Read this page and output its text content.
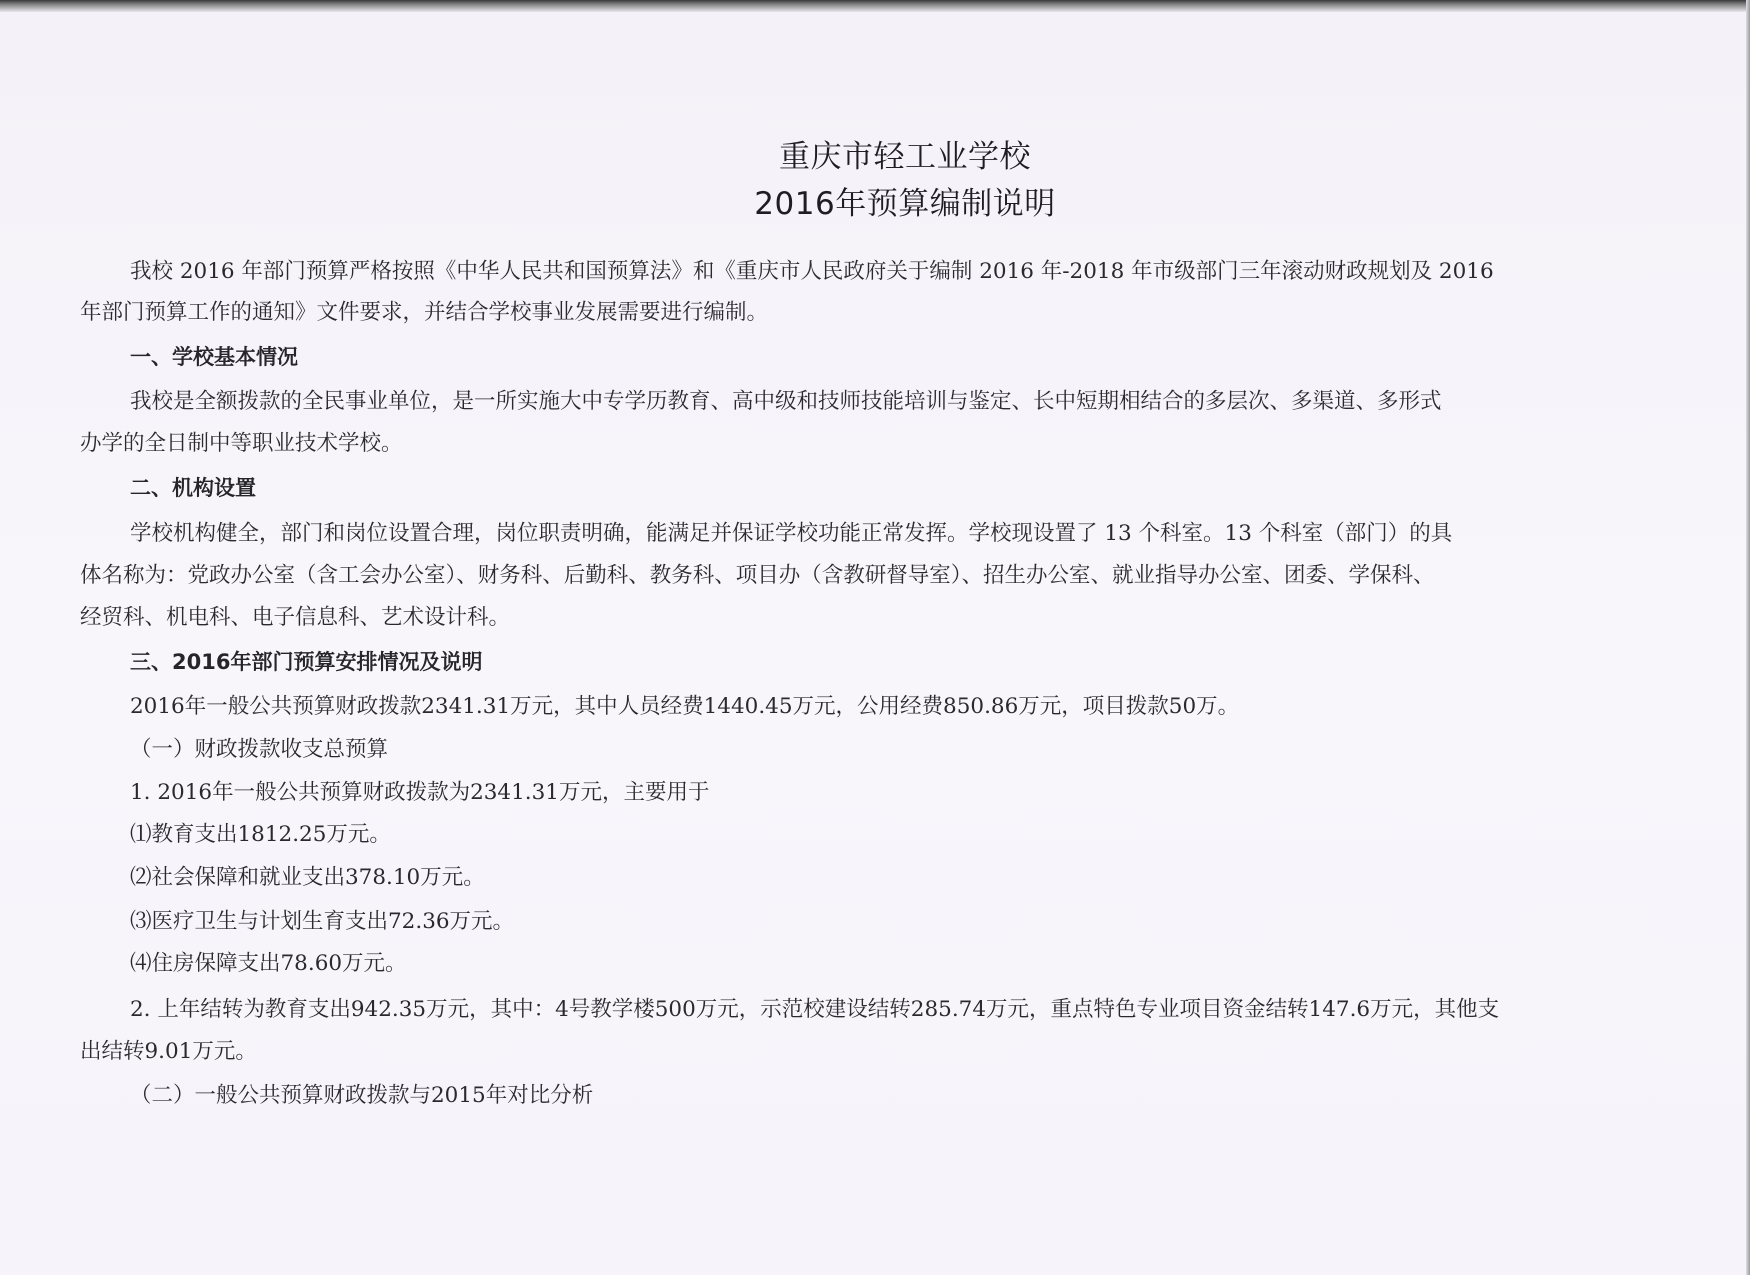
重庆市轻工业学校
2016年预算编制说明
我校 2016 年部门预算严格按照《中华人民共和国预算法》和《重庆市人民政府关于编制 2016 年-2018 年市级部门三年滚动财政规划及 2016
年部门预算工作的通知》文件要求，并结合学校事业发展需要进行编制。
一、学校基本情况
我校是全额拨款的全民事业单位，是一所实施大中专学历教育、高中级和技师技能培训与鉴定、长中短期相结合的多层次、多渠道、多形式
办学的全日制中等职业技术学校。
二、机构设置
学校机构健全，部门和岗位设置合理，岗位职责明确，能满足并保证学校功能正常发挥。学校现设置了 13 个科室。13 个科室（部门）的具
体名称为：党政办公室（含工会办公室）、财务科、后勤科、教务科、项目办（含教研督导室）、招生办公室、就业指导办公室、团委、学保科、
经贸科、机电科、电子信息科、艺术设计科。
三、2016年部门预算安排情况及说明
2016年一般公共预算财政拨款2341.31万元，其中人员经费1440.45万元，公用经费850.86万元，项目拨款50万。
（一）财政拨款收支总预算
1. 2016年一般公共预算财政拨款为2341.31万元，主要用于
⑴教育支出1812.25万元。
⑵社会保障和就业支出378.10万元。
⑶医疗卫生与计划生育支出72.36万元。
⑷住房保障支出78.60万元。
2. 上年结转为教育支出942.35万元，其中：4号教学楼500万元，示范校建设结转285.74万元，重点特色专业项目资金结转147.6万元，其他支
出结转9.01万元。
（二）一般公共预算财政拨款与2015年对比分析
